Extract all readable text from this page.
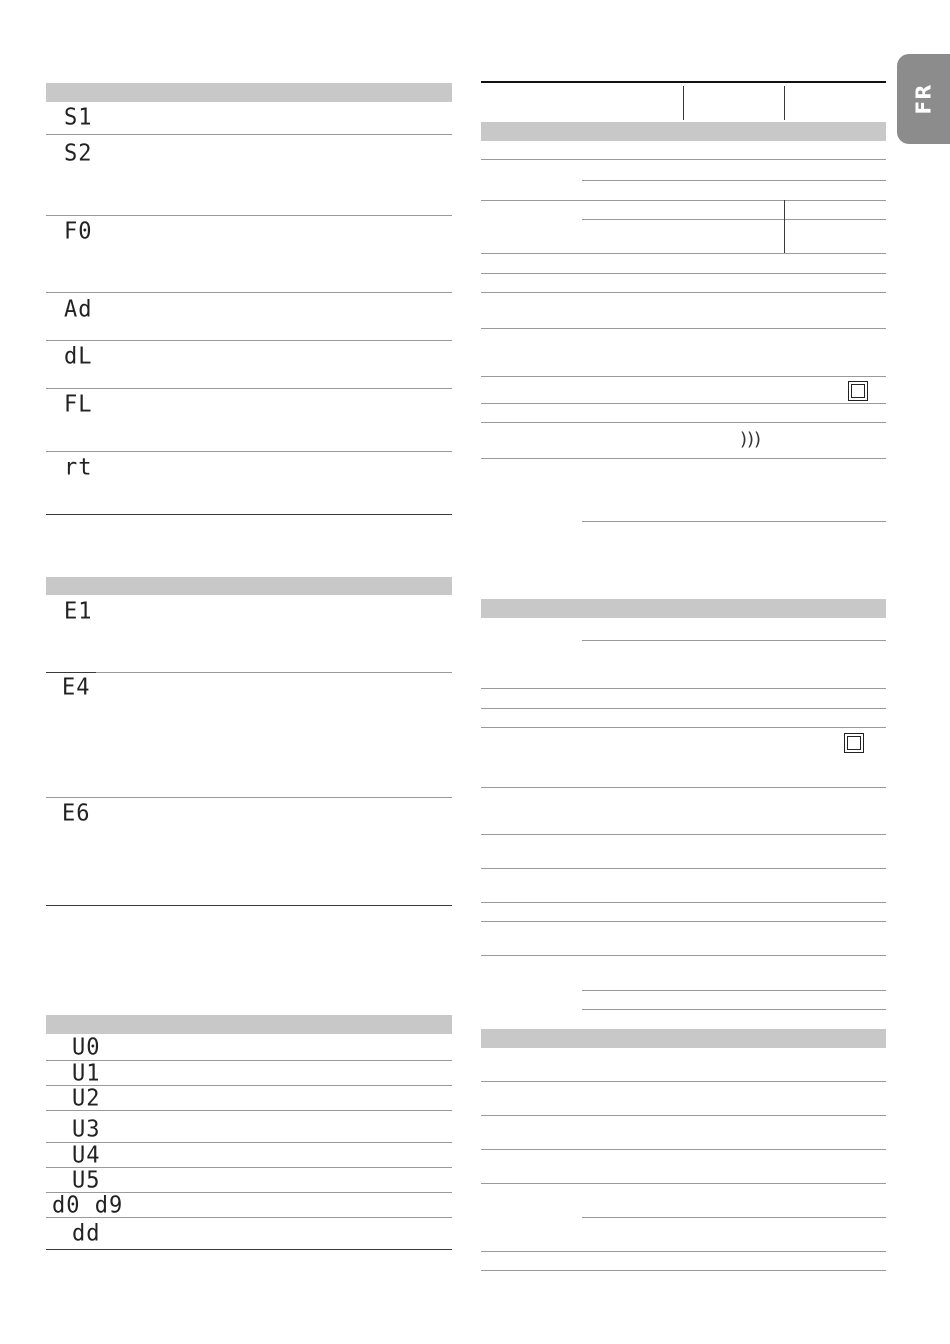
FR
S1
S2
F0
Ad
dL
FL
rt
E1
E4
E6
U0
U1
U2
U3
U4
U5
d0 d9
dd
)))
